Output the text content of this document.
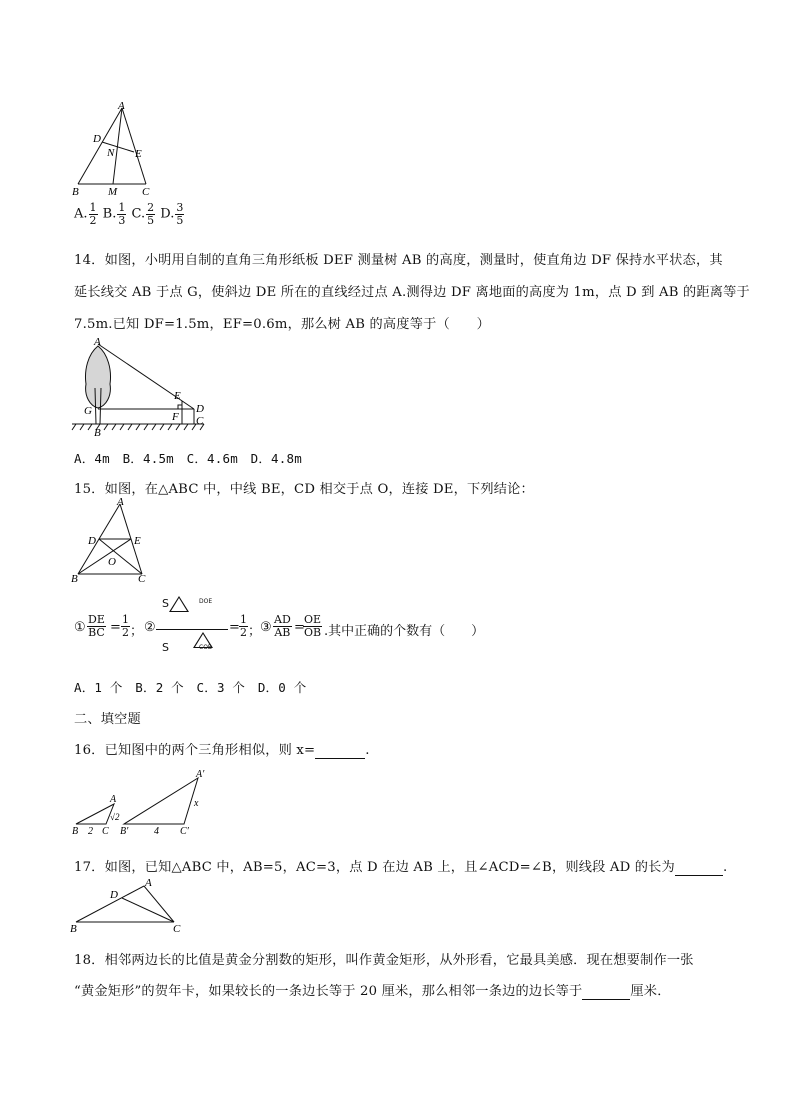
A
D
N E
B	M C
A. $\frac{1}{2} B$. $\frac{1}{3} C$. $\frac{2}{5} D$. $\frac{3}{5}$
14．如图，小明用自制的直角三角形纸板 DEF 测量树 AB 的高度，测量时，使直角边 DF 保持水平状态，其
延长线交 AB 于点 G，使斜边 DE 所在的直线经过点 A.测得边 DF 离地面的高度为 1m，点 D 到 AB 的距离等于
7.5m.已知 DF=1.5m，EF=0.6m，那么树 AB 的高度等于（　　）
A
E
G	F
D
C
B
A．4m　B．4.5m　C．4.6m　D．4.8m
15．如图，在△ABC 中，中线 BE，CD 相交于点 O，连接 DE，下列结论：
A
D	E
O
B	C
① $\frac{DE}{BC} = \frac{1}{2}$ ； ②
S
	DOE
S	COB
= $\frac{1}{2}$ ；
③ $\frac{AD}{AB}$ =
$\frac{OE}{OB}$ .其中正确的个数有（　　）
A．1 个　B．2 个　C．3 个　D．0 个
二、填空题
16．已知图中的两个三角形相似，则 x=	.
A
B 2 C
√2
A′
x
B′	4 C′
17．如图，已知△ABC 中，AB=5，AC=3，点 D 在边 AB 上，且∠ACD=∠B，则线段 AD 的长为	.
A
D
B	C
18．相邻两边长的比值是黄金分割数的矩形，叫作黄金矩形，从外形看，它最具美感．现在想要制作一张
“黄金矩形”的贺年卡，如果较长的一条边长等于 20 厘米，那么相邻一条边的边长等于	厘米．
